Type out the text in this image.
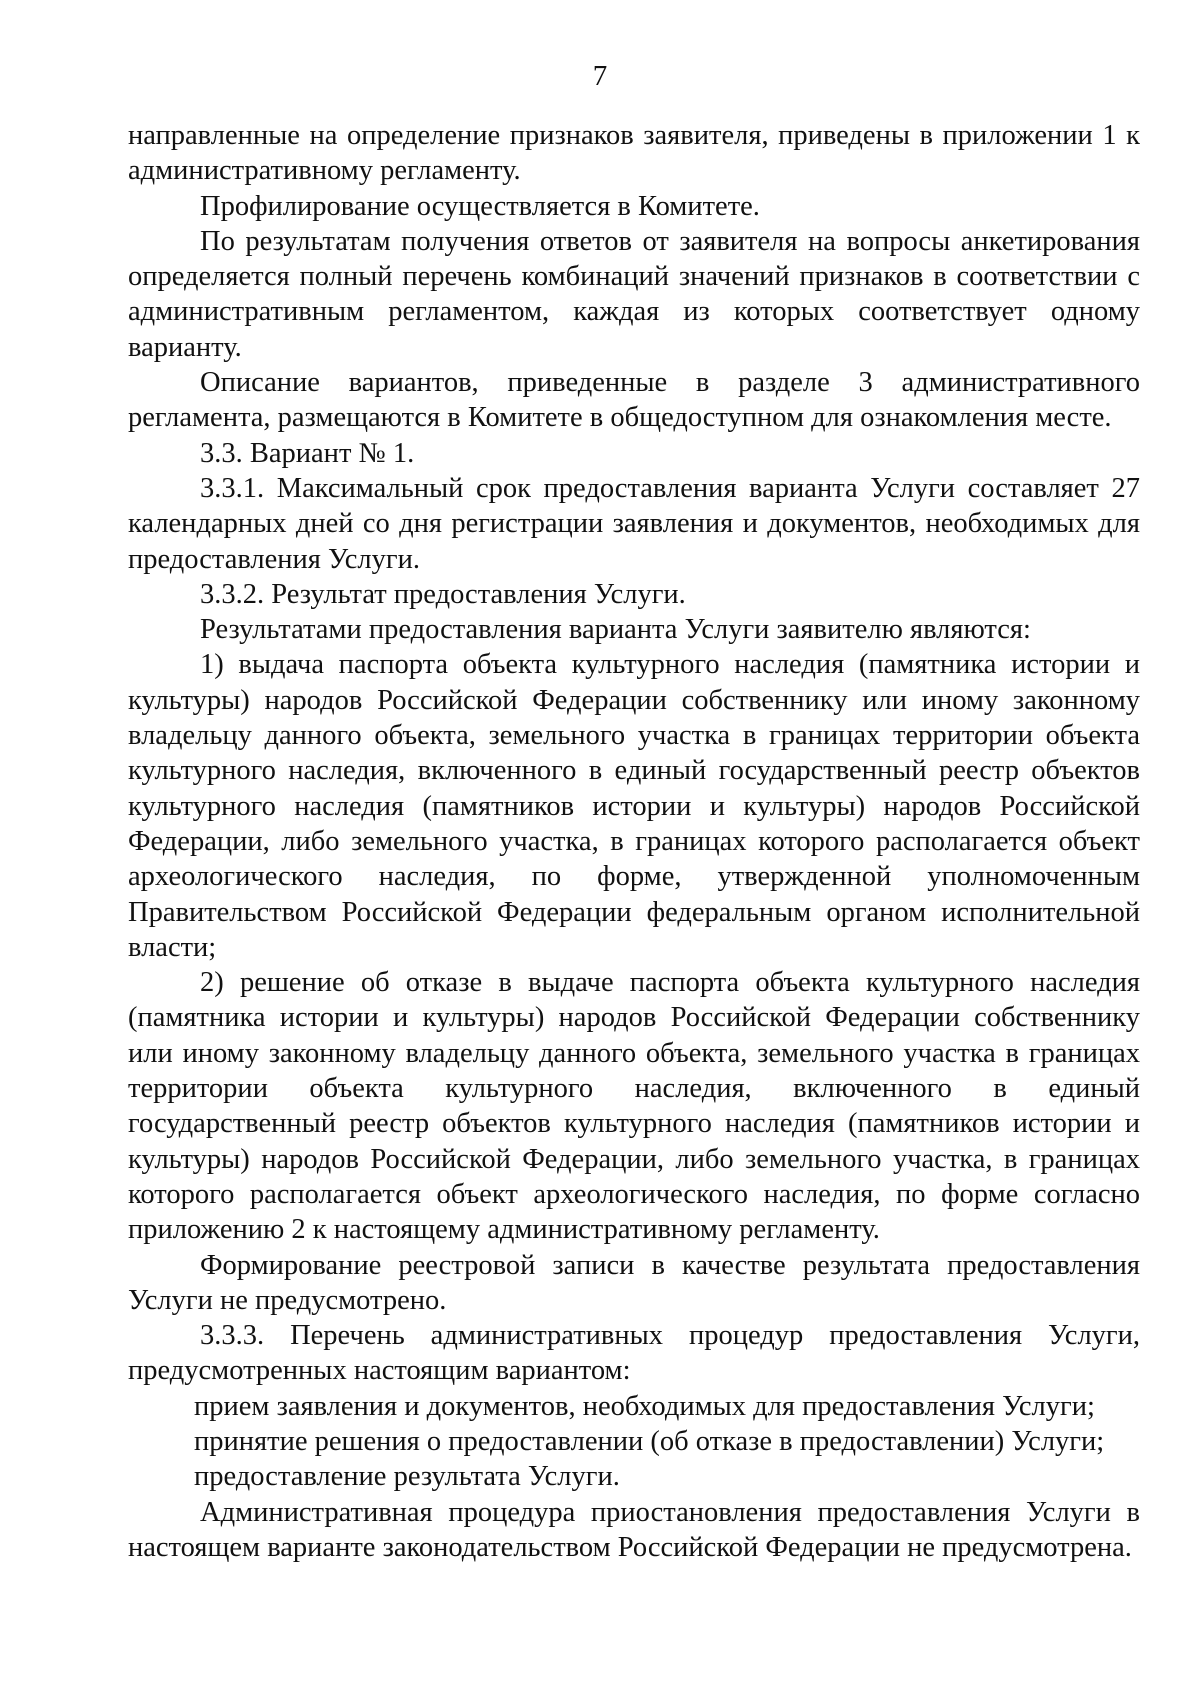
7

направленные на определение признаков заявителя, приведены в приложении 1 к административному регламенту.

Профилирование осуществляется в Комитете.

По результатам получения ответов от заявителя на вопросы анкетирования определяется полный перечень комбинаций значений признаков в соответствии с административным регламентом, каждая из которых соответствует одному варианту.

Описание вариантов, приведенные в разделе 3 административного регламента, размещаются в Комитете в общедоступном для ознакомления месте.

3.3. Вариант № 1.

3.3.1. Максимальный срок предоставления варианта Услуги составляет 27 календарных дней со дня регистрации заявления и документов, необходимых для предоставления Услуги.

3.3.2. Результат предоставления Услуги.

Результатами предоставления варианта Услуги заявителю являются:

1) выдача паспорта объекта культурного наследия (памятника истории и культуры) народов Российской Федерации собственнику или иному законному владельцу данного объекта, земельного участка в границах территории объекта культурного наследия, включенного в единый государственный реестр объектов культурного наследия (памятников истории и культуры) народов Российской Федерации, либо земельного участка, в границах которого располагается объект археологического наследия, по форме, утвержденной уполномоченным Правительством Российской Федерации федеральным органом исполнительной власти;

2) решение об отказе в выдаче паспорта объекта культурного наследия (памятника истории и культуры) народов Российской Федерации собственнику или иному законному владельцу данного объекта, земельного участка в границах территории объекта культурного наследия, включенного в единый государственный реестр объектов культурного наследия (памятников истории и культуры) народов Российской Федерации, либо земельного участка, в границах которого располагается объект археологического наследия, по форме согласно приложению 2 к настоящему административному регламенту.

Формирование реестровой записи в качестве результата предоставления Услуги не предусмотрено.

3.3.3. Перечень административных процедур предоставления Услуги, предусмотренных настоящим вариантом:

прием заявления и документов, необходимых для предоставления Услуги;

принятие решения о предоставлении (об отказе в предоставлении) Услуги;

предоставление результата Услуги.

Административная процедура приостановления предоставления Услуги в настоящем варианте законодательством Российской Федерации не предусмотрена.
